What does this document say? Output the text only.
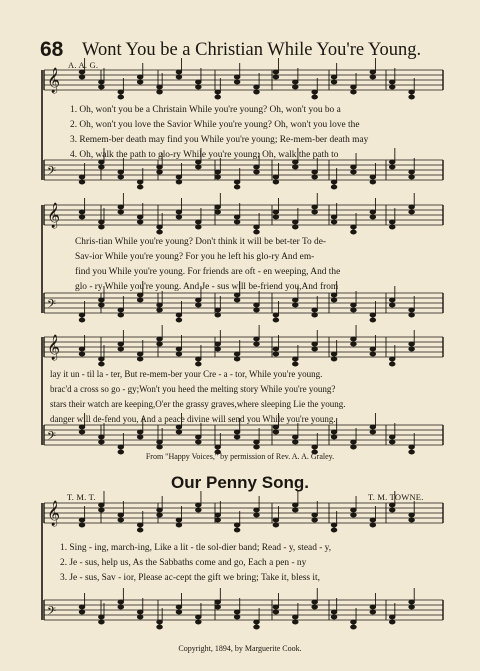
68 Wont You be a Christian While You're Young.
A. A. G.
𝄞
𝄢
𝄞
𝄢
𝄞
𝄢
𝄞
𝄢
1. Oh, won't you be a Christain While you're young? Oh, won't you bo a
2. Oh, won't you love the Savior While you're young? Oh, won't you love the
3. Remem-ber death may find you While you're young; Re-mem-ber death may
4. Oh, walk the path to glo-ry While you're young; Oh, walk the path to
Chris-tian While you're young? Don't think it will be bet-ter To de-
Sav-ior While you're young? For you he left his glo-ry And em-
find you While you're young. For friends are oft - en weeping, And the
glo - ry While you're young. And Je - sus will be-friend you,And from
lay it un - til la - ter, But re-mem-ber your Cre - a - tor, While you're young.
brac'd a cross so go - gy;Won't you heed the melting story While you're young?
stars their watch are keeping,O'er the grassy graves,where sleeping Lie the young.
danger will de-fend you, And a peace divine will send you While you're young.
From "Happy Voices," by permission of Rev. A. A. Graley.
Our Penny Song.
T. M. T.	T. M. TOWNE.
1. Sing - ing, march-ing, Like a lit - tle sol-dier band; Read - y, stead - y,
2. Je - sus, help us, As the Sabbaths come and go, Each a pen - ny
3. Je - sus, Sav - ior, Please ac-cept the gift we bring; Take it, bless it,
Copyright, 1894, by Marguerite Cook.
